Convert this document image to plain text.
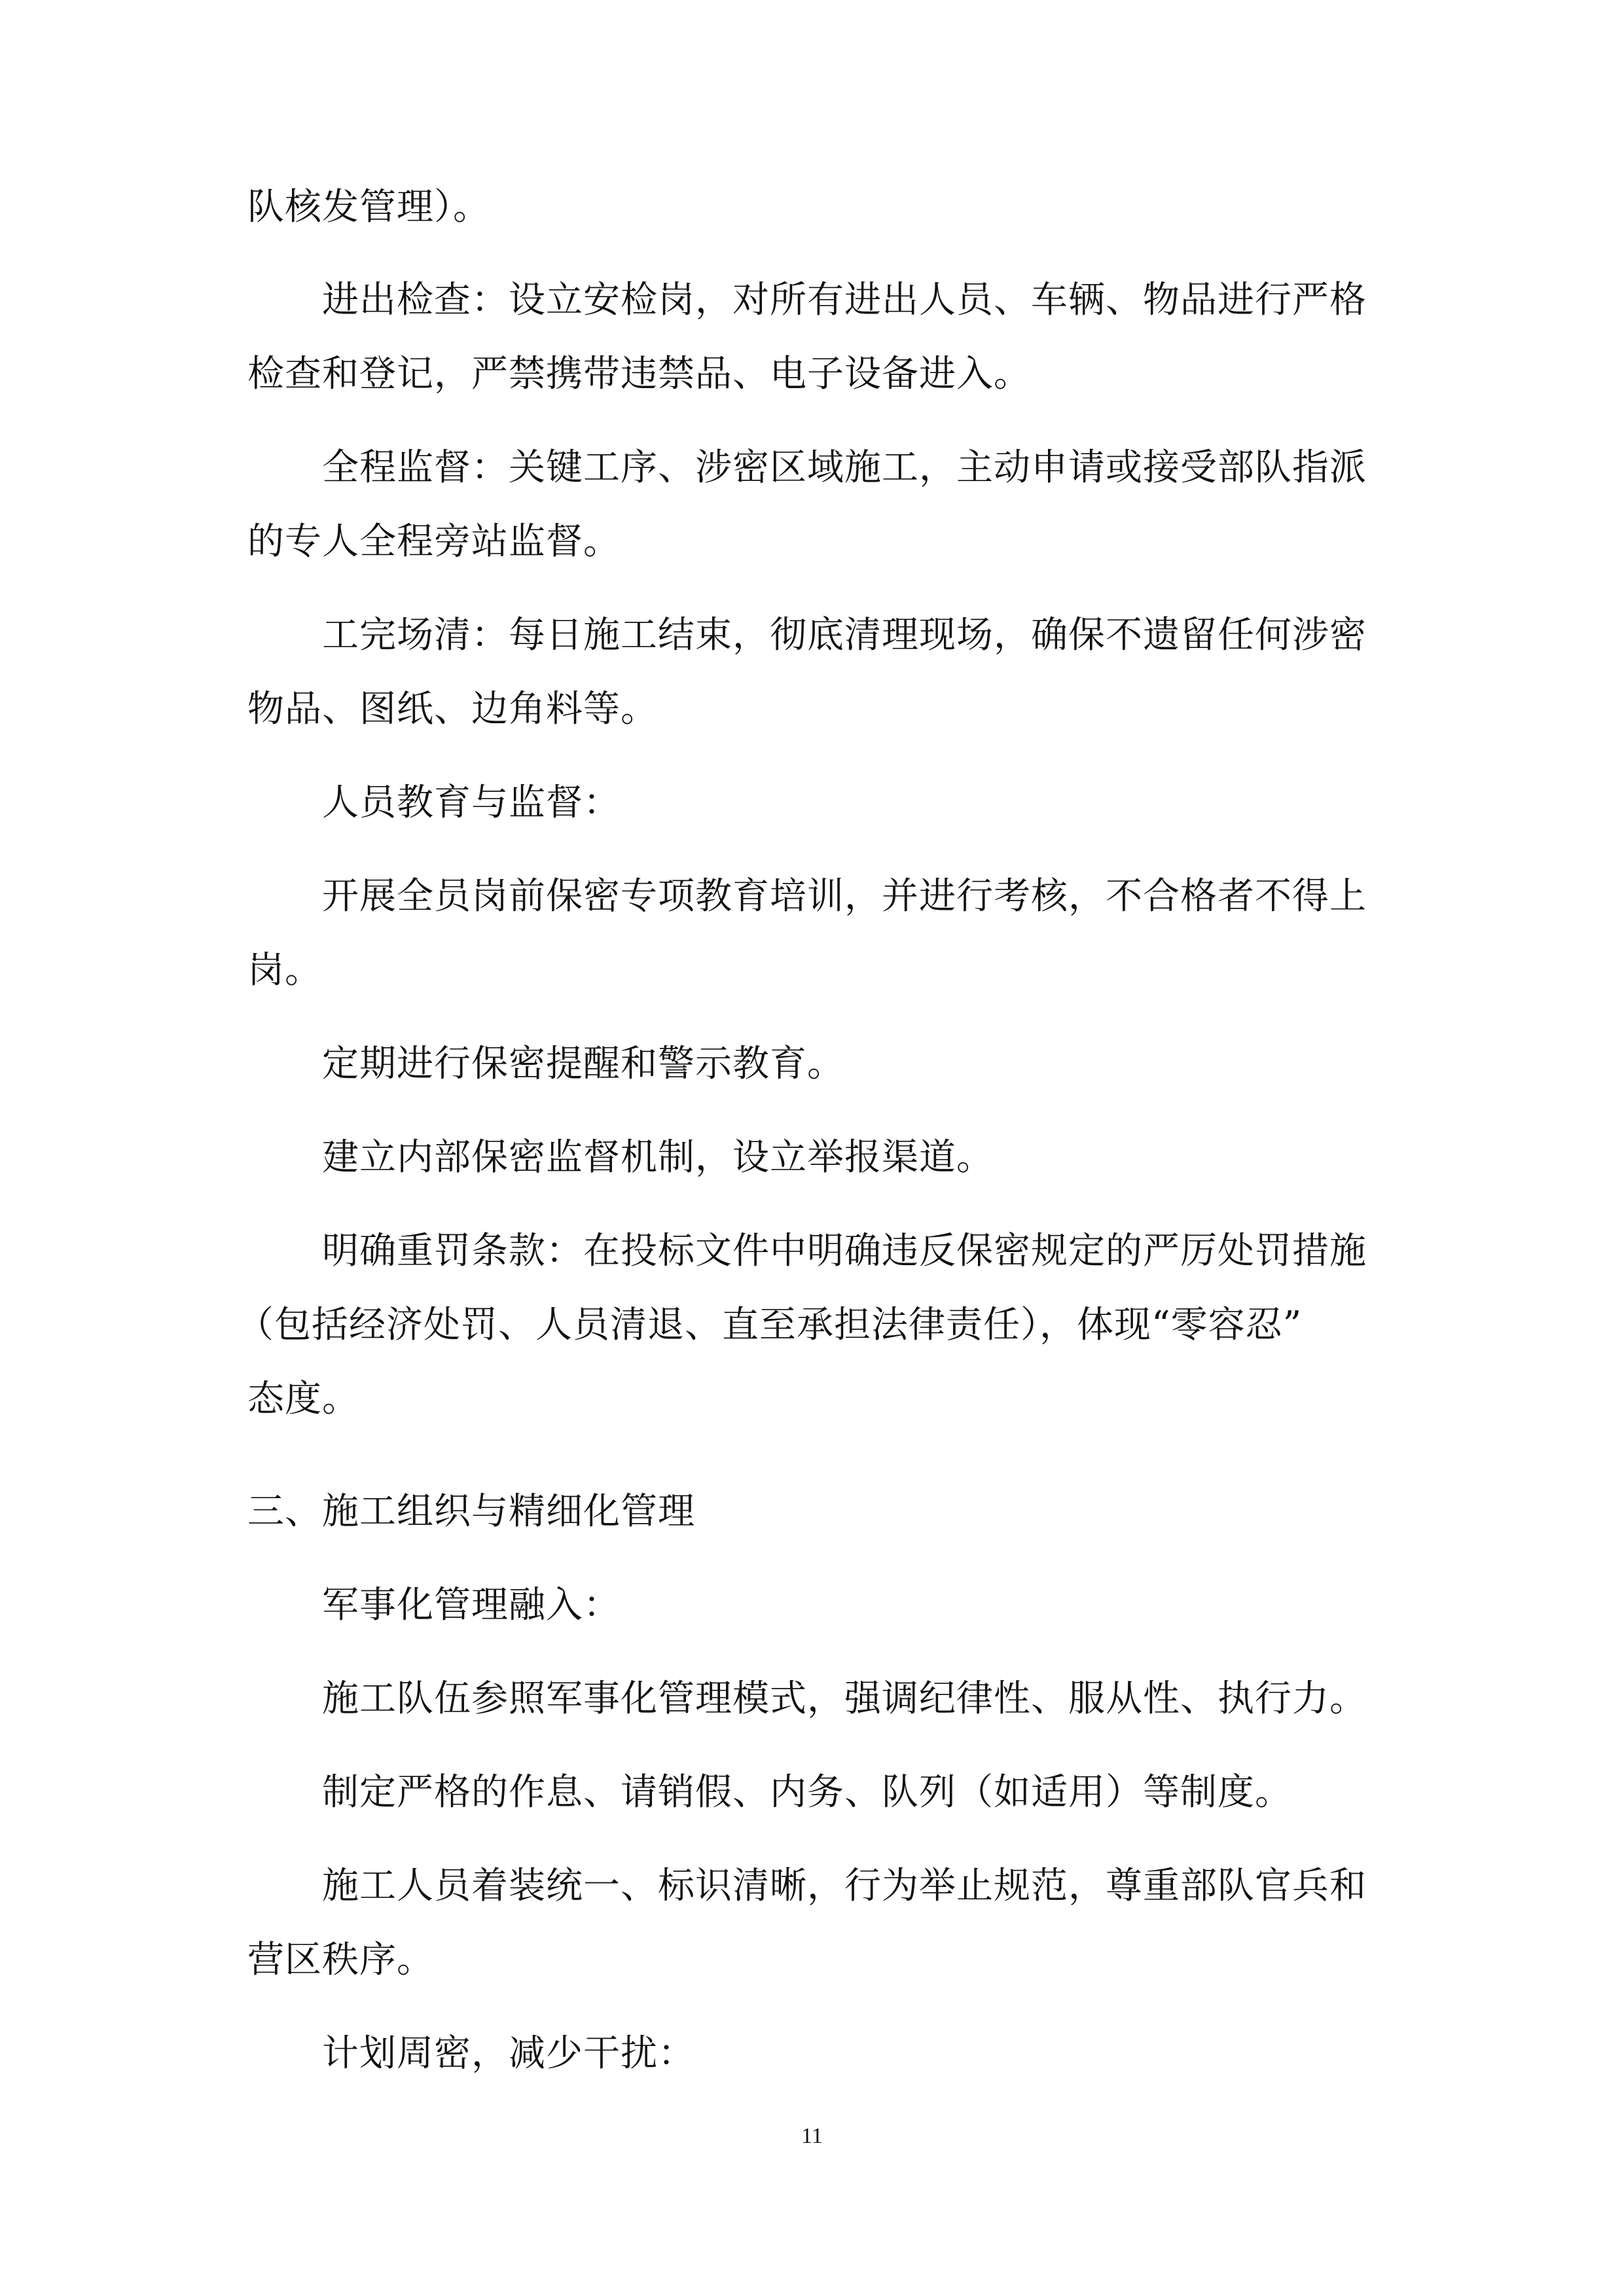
队核发管理）。
进出检查：设立安检岗，对所有进出人员、车辆、物品进行严格
检查和登记，严禁携带违禁品、电子设备进入。
全程监督：关键工序、涉密区域施工，主动申请或接受部队指派
的专人全程旁站监督。
工完场清：每日施工结束，彻底清理现场，确保不遗留任何涉密
物品、图纸、边角料等。
人员教育与监督：
开展全员岗前保密专项教育培训，并进行考核，不合格者不得上
岗。
定期进行保密提醒和警示教育。
建立内部保密监督机制，设立举报渠道。
明确重罚条款：在投标文件中明确违反保密规定的严厉处罚措施
（包括经济处罚、人员清退、直至承担法律责任），体现“零容忍”
态度。
三、施工组织与精细化管理
军事化管理融入：
施工队伍参照军事化管理模式，强调纪律性、服从性、执行力。
制定严格的作息、请销假、内务、队列（如适用）等制度。
施工人员着装统一、标识清晰，行为举止规范，尊重部队官兵和
营区秩序。
计划周密，减少干扰：
11
